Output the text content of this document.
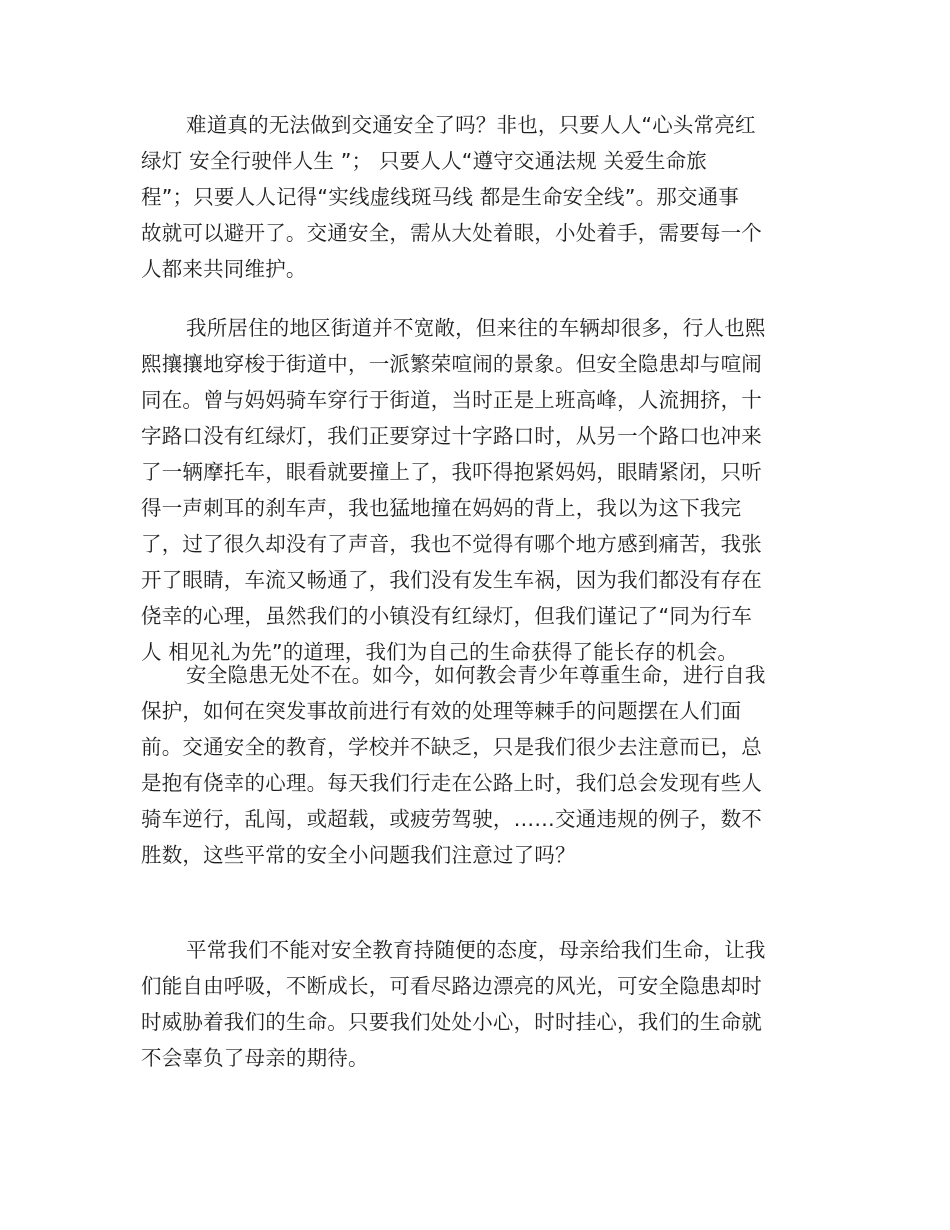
难道真的无法做到交通安全了吗？非也，只要人人“心头常亮红
绿灯 安全行驶伴人生 ”； 只要人人“遵守交通法规 关爱生命旅
程”；只要人人记得“实线虚线斑马线 都是生命安全线”。那交通事
故就可以避开了。交通安全，需从大处着眼，小处着手，需要每一个
人都来共同维护。
我所居住的地区街道并不宽敞，但来往的车辆却很多，行人也熙
熙攘攘地穿梭于街道中，一派繁荣喧闹的景象。但安全隐患却与喧闹
同在。曾与妈妈骑车穿行于街道，当时正是上班高峰，人流拥挤，十
字路口没有红绿灯，我们正要穿过十字路口时，从另一个路口也冲来
了一辆摩托车，眼看就要撞上了，我吓得抱紧妈妈，眼睛紧闭，只听
得一声刺耳的刹车声，我也猛地撞在妈妈的背上，我以为这下我完
了，过了很久却没有了声音，我也不觉得有哪个地方感到痛苦，我张
开了眼睛，车流又畅通了，我们没有发生车祸，因为我们都没有存在
侥幸的心理，虽然我们的小镇没有红绿灯，但我们谨记了“同为行车
人 相见礼为先”的道理，我们为自己的生命获得了能长存的机会。
安全隐患无处不在。如今，如何教会青少年尊重生命，进行自我
保护，如何在突发事故前进行有效的处理等棘手的问题摆在人们面
前。交通安全的教育，学校并不缺乏，只是我们很少去注意而已，总
是抱有侥幸的心理。每天我们行走在公路上时，我们总会发现有些人
骑车逆行，乱闯，或超载，或疲劳驾驶，……交通违规的例子，数不
胜数，这些平常的安全小问题我们注意过了吗？
平常我们不能对安全教育持随便的态度，母亲给我们生命，让我
们能自由呼吸，不断成长，可看尽路边漂亮的风光，可安全隐患却时
时威胁着我们的生命。只要我们处处小心，时时挂心，我们的生命就
不会辜负了母亲的期待。
